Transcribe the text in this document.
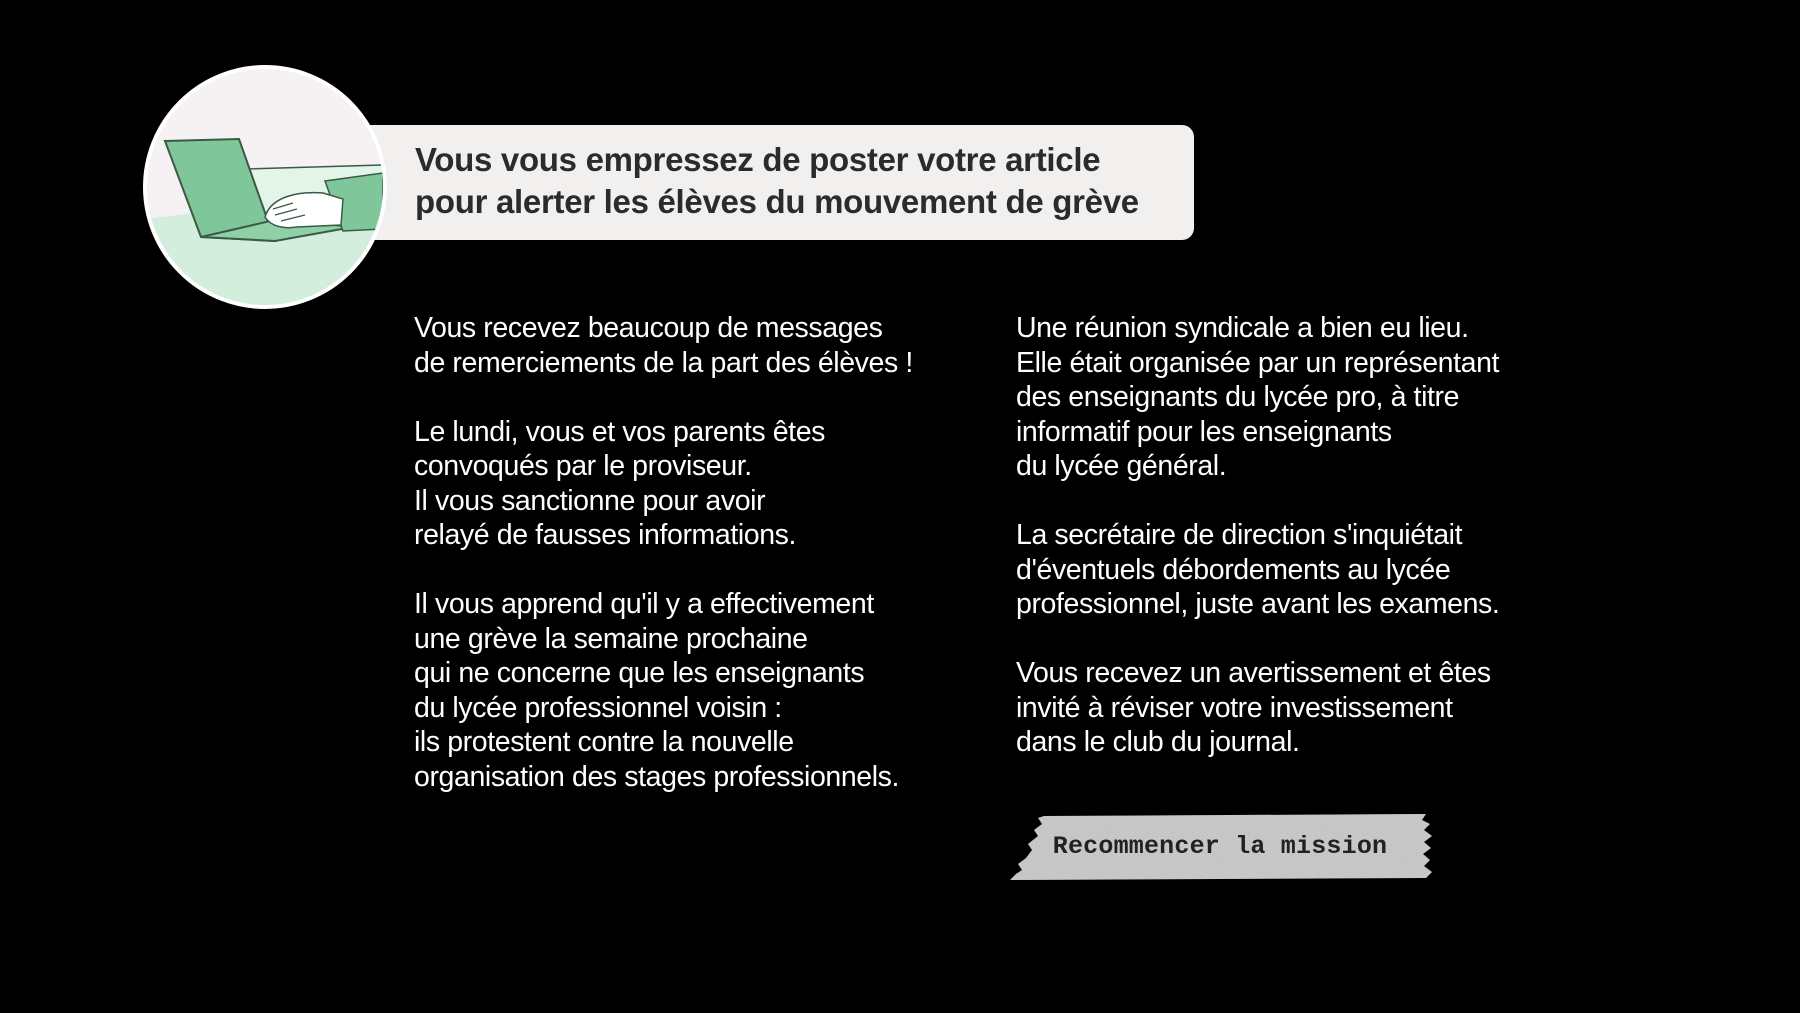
Vous vous empressez de poster votre article
pour alerter les élèves du mouvement de grève

Vous recevez beaucoup de messages
de remerciements de la part des élèves !

Le lundi, vous et vos parents êtes
convoqués par le proviseur.
Il vous sanctionne pour avoir
relayé de fausses informations.

Il vous apprend qu'il y a effectivement
une grève la semaine prochaine
qui ne concerne que les enseignants
du lycée professionnel voisin :
ils protestent contre la nouvelle
organisation des stages professionnels.

Une réunion syndicale a bien eu lieu.
Elle était organisée par un représentant
des enseignants du lycée pro, à titre
informatif pour les enseignants
du lycée général.

La secrétaire de direction s'inquiétait
d'éventuels débordements au lycée
professionnel, juste avant les examens.

Vous recevez un avertissement et êtes
invité à réviser votre investissement
dans le club du journal.

Recommencer la mission
